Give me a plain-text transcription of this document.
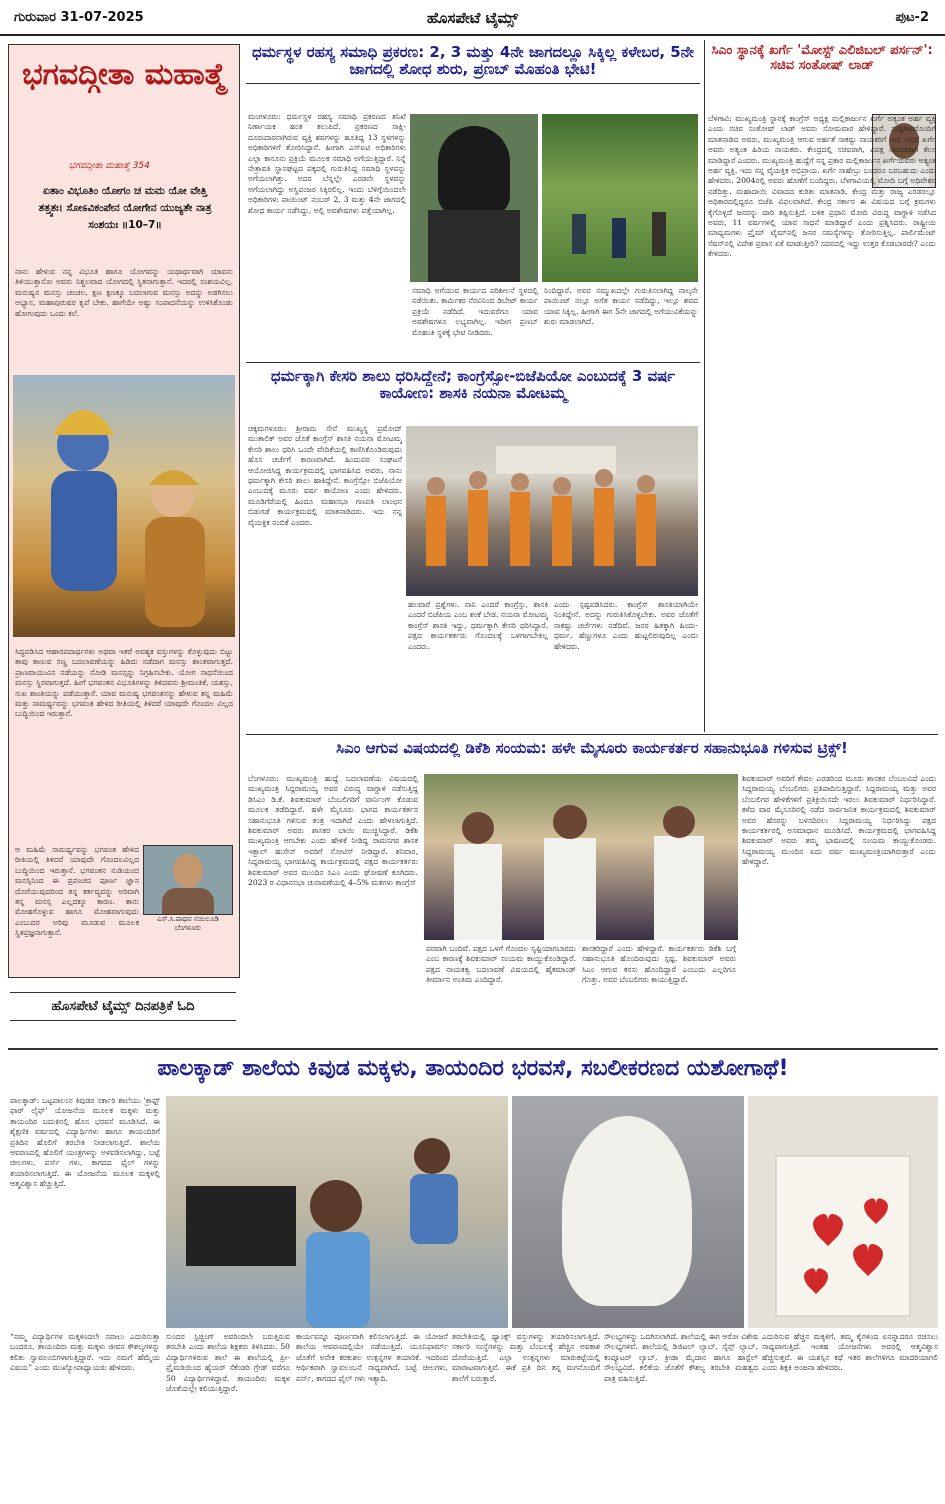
ಗುರುವಾರ 31-07-2025	ಹೊಸಪೇಟೆ ಟೈಮ್ಸ್	ಪುಟ-2
ಭಗವದ್ಗೀತಾ ಮಹಾತ್ಮೆ
ಭಗವದ್ಗೀತಾ ಮಹಾತ್ಮೆ 354
ಏತಾಂ ವಿಭೂತಿಂ ಯೋಗಂ ಚ ಮಮ ಯೋ ವೇತ್ತಿ ತತ್ತ್ವತಃ। ಸೋಽವಿಕಂಪೇನ ಯೋಗೇನ ಯುಜ್ಯತೇ ನಾತ್ರ ಸಂಶಯಃ ॥10–7॥
ನಾನು ಹೇಳುವ ನನ್ನ ವಿಭೂತಿ ಹಾಗೂ ಯೋಗವನ್ನು ಯಥಾರ್ಥವಾಗಿ ಯಾವನು ತಿಳಿಯುತ್ತಾನೋ ಅವನು ನಿಶ್ಚಲವಾದ ಯೋಗದಲ್ಲಿ ಸ್ಥಿತನಾಗುತ್ತಾನೆ. ಇದರಲ್ಲಿ ಸಂಶಯವಿಲ್ಲ. ಮನುಷ್ಯನ ಮನಸ್ಸು ಚಂಚಲ, ಕ್ಷಣ ಕ್ಷಣಕ್ಕೂ ಬದಲಾಗುವ ಮನಸ್ಸು ಅದನ್ನು ಅಡಗಿಸಲು ಅಭ್ಯಾಸ, ಮಹಾಪುರುಷರ ಕೃಪೆ ಬೇಕು. ಹಾಗೆಯೇ ಅಷ್ಟು ಸಂಪಾದನೆಯನ್ನು ಉಳಿಸಿಕೊಂಡು ಹೋಗುವುದು ಒಂದು ಕಲೆ.
ಸಿದ್ಧಪಡಿಸಿದ ಆಹಾರಪದಾರ್ಥಗಳು ಅಥವಾ ಇತರೆ ಅವಶ್ಯಕ ವಸ್ತುಗಳನ್ನು ಕೊಳ್ಳುವುದು ಬಿಟ್ಟು ತಾವು ಕಾಣುವ ಸಣ್ಣ ಬದಲಾವಣೆಯನ್ನು ಹಿಡಿದು ನಡೆದಾಗ ಮನಸ್ಸು ಶಾಂತವಾಗುತ್ತದೆ. ಪ್ರಾಣವಾಯುವಿನ ನಡೆಯನ್ನು ನೋಡಿ ಮನಸ್ಸನ್ನು ನಿಗ್ರಹಿಸಬೇಕು. ಯೋಗ ಸಾಧನೆಯಿಂದ ಮನಸ್ಸು ಸ್ಥಿರವಾಗುತ್ತದೆ. ಹೀಗೆ ಭಗವಂತನ ವಿಭೂತಿಗಳನ್ನು ತಿಳಿದವನು ಶ್ರೀಮಂತಿಕೆ, ಯಶಸ್ಸು, ಸುಖ ಶಾಂತಿಯನ್ನು ಪಡೆಯುತ್ತಾನೆ. ಯಾವ ಮನುಷ್ಯ ಭಗವಂತನನ್ನು ಹೇಳುವ ತನ್ನ ಮಹಿಮೆ ಮತ್ತು ಸಾಮರ್ಥ್ಯವನ್ನು ಭಗವಂತ ಹೇಳಿದ ರೀತಿಯಲ್ಲಿ ತಿಳಿದರೆ ಯಾವುದೇ ಗೊಂದಲ ವಿಲ್ಲದ ಬುದ್ಧಿಯಿಂದ ಇರುತ್ತಾನೆ.
ಎಸ್.ಸಿ.ಪಾಥವ ನಯಿಲೂಡಿ ಬೆಂಗಳೂರು
ಆ ಮಹಿಮೆ ಸಾಮರ್ಥ್ಯವನ್ನು ಭಗವಂತ ಹೇಳಿದ ರೀತಿಯಲ್ಲಿ ತಿಳಿದರೆ ಯಾವುದೇ ಗೊಂದಲವಿಲ್ಲದ ಬುದ್ಧಿಯಿಂದ ಇರುತ್ತಾನೆ. ಭಗವಂತನ ನುಡಿಯಂದ ಮನಸ್ಸಿನಿಂದ ಈ ಪ್ರಪಂಚದ ಪೂರ್ಣ ಜ್ಞಾನ ದೊರೆಯುವುದರಿಂದ ತನ್ನ ಕರ್ತವ್ಯವನ್ನು ಅರಿವಾಗಿ ತನ್ನ ಮನಸ್ಸ ಎಲ್ಲದಕ್ಕೂ ಕಾರಣ. ತಾನು ಮೋಹಗೊಳ್ಳುವ ಹಾಗೂ ಮೋಹವಾಗುವುದು ಎಂಬುದರ ಅರಿವು ಮೂಡುವ ಮೂಲಕ ಸ್ಥಿತಪ್ರಜ್ಞನಾಗುತ್ತಾನೆ.
ಹೊಸಪೇಟೆ ಟೈಮ್ಸ್ ದಿನಪತ್ರಿಕೆ ಓದಿ
ಧರ್ಮಸ್ಥಳ ರಹಸ್ಯ ಸಮಾಧಿ ಪ್ರಕರಣ: 2, 3 ಮತ್ತು 4ನೇ ಜಾಗದಲ್ಲೂ ಸಿಕ್ಕಿಲ್ಲ ಕಳೇಬರ, 5ನೇ ಜಾಗದಲ್ಲಿ ಶೋಧ ಶುರು, ಪ್ರಣಬ್ ಮೊಹಂತಿ ಭೇಟಿ!
ಮಂಗಳೂರು: ಧರ್ಮಸ್ಥಳ ರಹಸ್ಯ ಸಮಾಧಿ ಪ್ರಕರಣದ ತನಿಖೆ ನಿರ್ಣಾಯಕ ಹಂತ ತಲುಪಿದೆ. ಪ್ರಕರಣದ ಸಾಕ್ಷಿ-ದೂರುದಾರನಾಗಿರುವ ವ್ಯಕ್ತಿ ಶವಗಳನ್ನು ಹೂತಿದ್ದ 13 ಸ್ಥಳಗಳನ್ನು ಅಧಿಕಾರಿಗಳಿಗೆ ತೋರಿಸಿದ್ದಾನೆ. ಹೀಗಾಗಿ ಎಸ್ಐಟಿ ಅಧಿಕಾರಿಗಳು ಎಲ್ಲಾ ಕಾನೂನು ಪ್ರಕ್ರಿಯೆ ಮೂಲಕ ಸಮಾಧಿ ಅಗೆಯುತ್ತಿದ್ದಾರೆ. ನಿನ್ನೆ ನೇತ್ರಾವತಿ ಸ್ನಾನಘಟ್ಟದ ಪಕ್ಕದಲ್ಲಿ ಗುರುತಿಸಿದ್ದ ಸಮಾಧಿ ಸ್ಥಳವನ್ನು ಅಗೆಯಲಾಗಿತ್ತು. ಅದರ ಬೆನ್ನಲ್ಲೇ ಎರಡನೇ ಸ್ಥಳವನ್ನು ಅಗೆಯಲಾಗಿದ್ದು ಅಸ್ಥಿಪಂಜರ ಸಿಕ್ಕಿರಲಿಲ್ಲ. ಇಂದು ಬೆಳಿಗ್ಗೆಯಿಂದಲೇ ಅಧಿಕಾರಿಗಳು ಪಾಯಿಂಟ್ ನಂಬರ್ 2, 3 ಮತ್ತು 4ನೇ ಜಾಗದಲ್ಲಿ ಶೋಧ ಕಾರ್ಯ ನಡೆಸಿದ್ದು, ಅಲ್ಲಿ ಅವಶೇಷಗಳು ಪತ್ತೆಯಾಗಿಲ್ಲ.
ಸಮಾಧಿ ಅಗೆಯುವ ಕಾರ್ಯದ ಪರಿಶೀಲನೆ ಸ್ಥಳದಲ್ಲಿ ನಡೆಯಿತು. ಕಾರ್ಮಿಕರ ನೆರವಿನಿಂದ ಡಿಬೇಟ್ ಕಾರ್ಯ ಪ್ರಕ್ರಿಯೆ ನಡೆದಿದೆ. ಇದುವರೆಗೂ ಯಾವ ಅವಶೇಷಗಳೂ ಲಭ್ಯವಾಗಿಲ್ಲ. ಇದೀಗ ಪ್ರಣಬ್ ಮೊಹಂತಿ ಸ್ಥಳಕ್ಕೆ ಭೇಟಿ ನೀಡಿದರು.
ನಿಂದಿದ್ದಾರೆ. ಅವರ ಸಮ್ಮುಖದಲ್ಲೇ ಗುರುತಿಸಲಾಗಿದ್ದ ನಾಲ್ಕನೇ ಪಾಯಿಂಟ್ ನಲ್ಲೂ ಅಗೆತ ಕಾರ್ಯ ನಡೆದಿದ್ದು, ಇಲ್ಲೂ ಶವದ ಯಾವ ಸಿಕ್ಕಿಲ್ಲ. ಹೀಗಾಗಿ ಈಗ 5ನೇ ಜಾಗದಲ್ಲಿ ಅಗೆಯುವಿಕೆಯನ್ನು ಶುರು ಮಾಡಲಾಗಿದೆ.
ಧರ್ಮಕ್ಕಾಗಿ ಕೇಸರಿ ಶಾಲು ಧರಿಸಿದ್ದೇನೆ; ಕಾಂಗ್ರೆಸ್ಸೋ-ಬಿಜೆಪಿಯೋ ಎಂಬುದಕ್ಕೆ 3 ವರ್ಷ ಕಾಯೋಣ: ಶಾಸಕಿ ನಯನಾ ಮೋಟಮ್ಮ
ಚಿಕ್ಕಮಗಳೂರು: ಶ್ರೀರಾಮ ಸೇನೆ ಮುಖ್ಯಸ್ಥ ಪ್ರಮೋದ್ ಮುತಾಲಿಕ್ ಅವರ ಜೊತೆ ಕಾಂಗ್ರೆಸ್ ಶಾಸಕಿ ನಯನಾ ಮೋಟಮ್ಮ ಕೇಸರಿ ಶಾಲು ಧರಿಸಿ ಒಂದೇ ವೇದಿಕೆಯಲ್ಲಿ ಕಾಣಿಸಿಕೊಂಡಿರುವುದು ಹೊಸ ಚರ್ಚೆಗೆ ಕಾರಣವಾಗಿದೆ. ಹಿಂದುಪರ ಸಂಘಟನೆ ಆಯೋಜಿಸಿದ್ದ ಕಾರ್ಯಕ್ರಮದಲ್ಲಿ ಭಾಗವಹಿಸಿದ ಅವರು, ನಾನು ಧರ್ಮಕ್ಕಾಗಿ ಕೇಸರಿ ಶಾಲು ಹಾಕಿದ್ದೇನೆ. ಕಾಂಗ್ರೆಸ್ಸೋ ಬಿಜೆಪಿಯೋ ಎಂಬುದಕ್ಕೆ ಮೂರು ವರ್ಷ ಕಾಯೋಣ ಎಂದು ಹೇಳಿದರು. ಮೂಡಿಗೆರೆಯಲ್ಲಿ ಹಿಂದೂ ಮಹಾಸಭಾ ಗಣಪತಿ ಲಾಂಛನ ಬಿಡುಗಡೆ ಕಾರ್ಯಕ್ರಮದಲ್ಲಿ ಮಾತನಾಡಿದರು. ಇದು ನನ್ನ ವೈಯಕ್ತಿಕ ನಂಬಿಕೆ ಎಂದರು.
ಹಲವಾರೆ ಪ್ರಶ್ನೆಗಳು. ನಾನಿ ಎಂದರೆ ಕಾಂಗ್ರೆಸ್ಸು, ಶಾಸಕಿ ಎಂದರೆ ಬಿಜೆಪಿಯ ಎಂಬ ಶಂಕೆ ಬೇಡ. ನಯನಾ ಮೋಟಮ್ಮ ಕಾಂಗ್ರೆಸ್ ಶಾಸಕಿ ಇದ್ದು, ಧರ್ಮಕ್ಕಾಗಿ ಕೇಸರಿ ಧರಿಸಿದ್ದಾರೆ. ಪಕ್ಷದ ಕಾರ್ಯಕರ್ತರು ಗೊಂದಲಕ್ಕೆ ಒಳಗಾಗಬೇಕಿಲ್ಲ ಎಂದರು.
ಎಂದು ಸ್ಪಷ್ಟಪಡಿಸಿದರು. ಕಾಂಗ್ರೆಸ್ ಶಾಸಕಿಯಾಗಿಯೇ ನಿಂತಿದ್ದೇನೆ. ಅದನ್ನು ಗುರುತಿಸಿಕೊಳ್ಳಬೇಕು. ಅವರ ಜೊತೆಗೆ ಸಾಕಷ್ಟು ಚರ್ಚೆಗಳು ನಡೆದಿವೆ. ಜನರ ಹಿತಕ್ಕಾಗಿ ಹಿಂದು-ಧರ್ಮ, ಹೆಣ್ಣುಗಳೂ ಎಂದು ಹುಟ್ಟಲಿರುವುದಿಲ್ಲ ಎಂದು ಹೇಳಿದರು.
ಸಿಎಂ ಸ್ಥಾನಕ್ಕೆ ಖರ್ಗೆ 'ಮೋಸ್ಟ್ ಎಲಿಜಿಬಲ್ ಪರ್ಸನ್': ಸಚಿವ ಸಂತೋಷ್ ಲಾಡ್
ಬೆಳಗಾವಿ: ಮುಖ್ಯಮಂತ್ರಿ ಸ್ಥಾನಕ್ಕೆ ಕಾಂಗ್ರೆಸ್ ಅಧ್ಯಕ್ಷ ಮಲ್ಲಿಕಾರ್ಜುನ ಖರ್ಗೆ ಅತ್ಯಂತ ಅರ್ಹ ವ್ಯಕ್ತಿ ಎಂದು ಸಚಿವ ಸಂತೋಷ್ ಲಾಡ್ ಅವರು ಸೋಮವಾರ ಹೇಳಿದ್ದಾರೆ. ಸುದ್ದಿಗಾರರೊಂದಿಗೆ ಮಾತನಾಡಿದ ಅವರು, ಮುಖ್ಯಮಂತ್ರಿ ಆಗುವ ಅರ್ಹತೆ ಸಾಕಷ್ಟು ನಾಯಕರಿಗೆ ಇದೆ. ಆದರೆ ಖರ್ಗೆ ಅವರು ಅತ್ಯಂತ ಹಿರಿಯ ನಾಯಕರು. ಕೇಂದ್ರದಲ್ಲಿ ಸಚಿವರಾಗಿ, ವಿಪಕ್ಷ ನಾಯಕರಾಗಿ ಕೆಲಸ ಮಾಡಿದ್ದಾರೆ ಎಂದರು. ಮುಖ್ಯಮಂತ್ರಿ ಹುದ್ದೆಗೆ ನನ್ನ ಪ್ರಕಾರ ಮಲ್ಲಿಕಾರ್ಜುನ ಖರ್ಗೆಯವರು ಅತ್ಯಂತ ಅರ್ಹ ವ್ಯಕ್ತಿ. ಇದು ನನ್ನ ವೈಯಕ್ತಿಕ ಅಭಿಪ್ರಾಯ. ಖರ್ಗೆ ಸಾಹೇಬ್ರು ಬಂದರೂ ಬರಬಹುದು ಎಂದು ಹೇಳಿದರು. 2004ರಲ್ಲಿ ಅವರು ಹೊಣೆಗೆ ಬಂದಿದ್ದರು. ಬೆಳಗಾವಿಯಲ್ಲಿ ಮೋದಿ ಬಗ್ಗೆ ಅಧಿವೇಶನ ನಡೆದಿತ್ತು. ಮಹಾದಾಯಿ ವಿವಾದದ ಕುರಿತು ಮಾತನಾಡಿ, ಕೇಂದ್ರ ಮತ್ತು ರಾಜ್ಯ ಎರಡರಲ್ಲೂ ಅಧಿಕಾರದಲ್ಲಿದ್ದರೂ ಬಿಜೆಪಿ ವಿಫಲವಾಗಿದೆ. ಕೇಂದ್ರ ಸರ್ಕಾರ ಈ ವಿಷಯದ ಬಗ್ಗೆ ಕ್ರಮಗಳು ಕೈಗೊಳ್ಳದೆ ಜನರನ್ನು ದಾರಿ ತಪ್ಪಿಸುತ್ತಿದೆ. ಬಳಿಕ ಪ್ರಧಾನಿ ಮೋದಿ ವಿರುದ್ಧ ವಾಗ್ದಾಳಿ ನಡೆಸಿದ ಅವರು, 11 ವರ್ಷಗಳಲ್ಲಿ ಯಾವ ಸಾಧನೆ ಮಾಡಿದ್ದಾರೆ ಎಂದು ಪ್ರಶ್ನಿಸಿದರು. ರಾಷ್ಟ್ರೀಯ ಮಾಧ್ಯಮಗಳು ಪ್ರೈಮ್ ಟೈಮ್‌ನಲ್ಲಿ ಜನರ ಸಮಸ್ಯೆಗಳನ್ನು ತೋರಿಸುತ್ತಿಲ್ಲ. ಪಾರ್ಲಿಮೆಂಟ್ ಸೆಷನ್‌ನಲ್ಲಿ ವಿದೇಶ ಪ್ರವಾಸ ಏಕೆ ಮಾಡುತ್ತೀರಿ? ಸದನದಲ್ಲಿ ಇದ್ದು ಉತ್ತರ ಕೊಡಬಾರದೇ? ಎಂದು ಕೇಳಿದರು.
ಸಿಎಂ ಆಗುವ ವಿಷಯದಲ್ಲಿ ಡಿಕೆಶಿ ಸಂಯಮ: ಹಳೇ ಮೈಸೂರು ಕಾರ್ಯಕರ್ತರ ಸಹಾನುಭೂತಿ ಗಳಿಸುವ ಟ್ರಿಕ್ಸ್!
ಬೆಂಗಳೂರು: ಮುಖ್ಯಮಂತ್ರಿ ಹುದ್ದೆ ಬದಲಾವಣೆಯ ವಿಷಯದಲ್ಲಿ ಮುಖ್ಯಮಂತ್ರಿ ಸಿದ್ದರಾಮಯ್ಯ ಅವರ ವಿರುದ್ಧ ವಾಗ್ದಾಳಿ ನಡೆಸುತ್ತಿದ್ದ ಡಿಸಿಎಂ ಡಿ.ಕೆ. ಶಿವಕುಮಾರ್ ಬೆಂಬಲಿಗರಿಗೆ ವಾರ್ನಿಂಗ್ ಕೊಡುವ ಮೂಲಕ ತಡೆದಿದ್ದಾರೆ. ಹಳೇ ಮೈಸೂರು ಭಾಗದ ಕಾರ್ಯಕರ್ತರ ಸಹಾನುಭೂತಿ ಗಳಿಸುವ ತಂತ್ರ ಇದಾಗಿದೆ ಎಂದು ಹೇಳಲಾಗುತ್ತಿದೆ. ಶಿವಕುಮಾರ್ ಅವರು ಶಾಸಕರ ಬಾಯಿ ಮುಚ್ಚಿಸಿದ್ದಾರೆ. ಡಿಕೆಶಿ ಮುಖ್ಯಮಂತ್ರಿ ಆಗಬೇಕು ಎಂದು ಹೇಳಿಕೆ ನೀಡಿದ್ದ ರಾಮನಗರ ಶಾಸಕ ಇಕ್ಬಾಲ್ ಹುಸೇನ್ ಅವರಿಗೆ ನೋಟಿಸ್ ನೀಡಿದ್ದಾರೆ. ಶನಿವಾರ, ಸಿದ್ದರಾಮಯ್ಯ ಭಾಗವಹಿಸಿದ್ದ ಕಾರ್ಯಕ್ರಮದಲ್ಲಿ ಪಕ್ಷದ ಕಾರ್ಯಕರ್ತರು ಶಿವಕುಮಾರ್ ಅವರ ಮುಂದಿನ ಸಿಎಂ ಎಂದು ಘೋಷಣೆ ಕೂಗಿದರು. 2023 ರ ವಿಧಾನಸಭಾ ಚುನಾವಣೆಯಲ್ಲಿ 4–5% ಮತಗಳು ಕಾಂಗ್ರೆಸ್
ಪರವಾಗಿ ಬಂದಿವೆ. ಪಕ್ಷದ ಒಳಗೆ ಗೊಂದಲ ಸೃಷ್ಟಿಯಾಗಬಾರದು ಎಂಬ ಕಾರಣಕ್ಕೆ ಶಿವಕುಮಾರ್ ಸಂಯಮ ಕಾಯ್ದುಕೊಂಡಿದ್ದಾರೆ. ಪಕ್ಷದ ನಾಯಕತ್ವ ಬದಲಾವಣೆ ವಿಷಯದಲ್ಲಿ ಹೈಕಮಾಂಡ್ ತೀರ್ಮಾನ ಅಂತಿಮ ಎಂದಿದ್ದಾರೆ.
ಶಾಸಕರಿದ್ದಾರೆ ಎಂದು ಹೇಳಿದ್ದಾರೆ. ಕಾರ್ಯಕರ್ತರು ಡಿಕೆಶಿ ಬಗ್ಗೆ ಸಹಾನುಭೂತಿ ಹೊಂದಿರುವುದು ಸ್ಪಷ್ಟ. ಶಿವಕುಮಾರ್ ಅವರು ಸಿಎಂ ಆಗುವ ಕನಸು ಹೊಂದಿದ್ದಾರೆ ಎಂಬುದು ಎಲ್ಲರಿಗೂ ಗೊತ್ತು. ಅವರ ಬೆಂಬಲಿಗರು ಕಾಯುತ್ತಿದ್ದಾರೆ.
ಶಿವಕುಮಾರ್ ಅವರಿಗೆ ಕೇವಲ ಎರಡರಿಂದ ಮೂರು ಶಾಸಕರ ಬೆಂಬಲವಿದೆ ಎಂದು ಸಿದ್ದರಾಮಯ್ಯ ಬೆಂಬಲಿಗರು ಪ್ರತಿಪಾದಿಸುತ್ತಿದ್ದಾರೆ. ಸಿದ್ದರಾಮಯ್ಯ ಮತ್ತು ಅವರ ಬೆಂಬಲಿಗರ ಹೇಳಿಕೆಗಳಿಗೆ ಪ್ರತಿಕ್ರಿಯಿಸದೇ ಇರಲು ಶಿವಕುಮಾರ್ ನಿರ್ಧರಿಸಿದ್ದಾರೆ. ಕಳೆದ ವಾರ ಮೈಸೂರಿನಲ್ಲಿ ನಡೆದ ಸಾರ್ವಜನಿಕ ಕಾರ್ಯಕ್ರಮದಲ್ಲಿ ಶಿವಕುಮಾರ್ ಅವರ ಹೆಸರನ್ನು ಬಳಸದಿರಲು ಸಿದ್ದರಾಮಯ್ಯ ನಿರ್ಧರಿಸಿದ್ದು ಪಕ್ಷದ ಕಾರ್ಯಕರ್ತರಲ್ಲಿ ಅಸಮಾಧಾನ ಮೂಡಿಸಿದೆ. ಕಾರ್ಯಕ್ರಮದಲ್ಲಿ ಭಾಗವಹಿಸಿದ್ದ ಶಿವಕುಮಾರ್ ಅವರು ತಮ್ಮ ಭಾಷಣದಲ್ಲಿ ಸಂಯಮ ಕಾಯ್ದುಕೊಂಡರು. ಸಿದ್ದರಾಮಯ್ಯ ಮುಂದಿನ ಐದು ವರ್ಷ ಮುಖ್ಯಮಂತ್ರಿಯಾಗಿರುತ್ತಾರೆ ಎಂದು ಹೇಳಿದ್ದಾರೆ.
ಪಾಲಕ್ಕಾಡ್ ಶಾಲೆಯ ಕಿವುಡ ಮಕ್ಕಳು, ತಾಯಂದಿರ ಭರವಸೆ, ಸಬಲೀಕರಣದ ಯಶೋಗಾಥೆ!
ಪಾಲಕ್ಕಾಡ್: ಒಟ್ಟಪಾಲಂನ ಕಿವುಡರ ಸರ್ಕಾರಿ ಶಾಲೆಯು 'ಕ್ರಾಫ್ಟ್ ಫಾರ್ ಲೈಫ್' ಯೋಜನೆಯ ಮೂಲಕ ಮಕ್ಕಳು ಮತ್ತು ತಾಯಂದಿರ ಬದುಕಿನಲ್ಲಿ ಹೊಸ ಭರವಸೆ ಮೂಡಿಸಿದೆ. ಈ ಶೈಕ್ಷಣಿಕ ವರ್ಷದಲ್ಲಿ ವಿದ್ಯಾರ್ಥಿಗಳು ಹಾಗೂ ತಾಯಂದಿರಿಗೆ ಪ್ರತಿದಿನ ಹೊಲಿಗೆ ತರಬೇತಿ ನೀಡಲಾಗುತ್ತಿದೆ. ಶಾಲೆಯ ಆವರಣದಲ್ಲಿ ಹೊಲಿಗೆ ಯಂತ್ರಗಳನ್ನು ಅಳವಡಿಸಲಾಗಿದ್ದು, ಬಟ್ಟೆ ಚೀಲಗಳು, ಪರ್ಸ್ ಗಳು, ಕಾಗದದ ಫೈಲ್ ಗಳನ್ನು ತಯಾರಿಸಲಾಗುತ್ತಿದೆ. ಈ ಯೋಜನೆಯ ಮೂಲಕ ಮಕ್ಕಳಲ್ಲಿ ಆತ್ಮವಿಶ್ವಾಸ ಹೆಚ್ಚುತ್ತಿದೆ.
“ನಮ್ಮ ವಿದ್ಯಾರ್ಥಿಗಳ ಮಕ್ಕಳಿಂದಲೇ ಸವಾಲು ಎದುರಿಸುತ್ತಾ ಬಂದರೂ, ತಾಯಂದಿರು ಮತ್ತು ಮಕ್ಕಳು ಜೀವನ ಕೌಶಲ್ಯಗಳನ್ನು ಕಲಿತು ಸ್ವಾವಲಂಬಿಗಳಾಗುತ್ತಿದ್ದಾರೆ. ಇದು ನಮಗೆ ಹೆಮ್ಮೆಯ ವಿಷಯ” ಎಂದು ಮುಖ್ಯೋಪಾಧ್ಯಾಯರು ಹೇಳಿದರು.
ಸುಂದರ ಸ್ಟಿಚ್ಚಿಂಗ್ ಅವರಿಂದಲೇ ಬರುತ್ತಿರುವ ತರಬೇತಿ ಎಂದು ಶಾಲೆಯ ಶಿಕ್ಷಕರು ತಿಳಿಸಿದರು. 50 ವಿದ್ಯಾರ್ಥಿಗಳಿರುವ ಶಾಲೆ ಈ ಶಾಲೆಯಲ್ಲಿ ಪ್ರೀ-ಪ್ರೈಮರಿಯಿಂದ ಹೈಯರ್ ಸೆಕೆಂಡರಿ ಗ್ರೇಡ್ ವರೆಗೂ 50 ವಿದ್ಯಾರ್ಥಿಗಳಿದ್ದಾರೆ. ತಾಯಂದಿರು ಮಕ್ಕಳ ಜೊತೆಯಲ್ಲೇ ಕಲಿಯುತ್ತಿದ್ದಾರೆ.
ಕಾರ್ಯವನ್ನೂ ಪೂರ್ಣವಾಗಿ ಕಲಿಸಲಾಗುತ್ತಿದೆ. ಈ ಯೋಜನೆ ಶಾಲೆಯ ಆವರಣದಲ್ಲಿಯೇ ನಡೆಯುತ್ತಿದೆ. ಯೂನಿಫಾರ್ಮ್ ಜೊತೆಗೆ ಅನೇಕ ಕರಕುಶಲ ಉತ್ಪನ್ನಗಳ ತಯಾರಿಕೆ. ಇದರಿಂದ ಆರ್ಥಿಕವಾಗಿ ಸ್ವಾವಲಂಬನೆ ಸಾಧ್ಯವಾಗಿದೆ. ಬಟ್ಟೆ ಚೀಲಗಳು, ಪರ್ಸ್, ಕಾಗದದ ಫೈಲ್ ಗಳು ಇತ್ಯಾದಿ.
ತರಬೇತಿಯಲ್ಲಿ ಥ್ಯಾಂಕ್ಸ್ ವಸ್ತುಗಳನ್ನು ತಯಾರಿಸಲಾಗುತ್ತಿದೆ. ಸರ್ಕಾರಿ ಸಂಸ್ಥೆಗಳನ್ನು ಮತ್ತು ಬೆಂಬಲಕ್ಕೆ ಹೆಚ್ಚಿನ ಅವಕಾಶ ದೊರೆಯುತ್ತಿದೆ. ಎಲ್ಲಾ ಉತ್ಪನ್ನಗಳು ಮಾರುಕಟ್ಟೆಯಲ್ಲಿ ಮಾರಾಟವಾಗುತ್ತಿವೆ. ಈಕೆ ಪ್ರತಿ ದಿನ ತನ್ನ ಮಗನೊಂದಿಗೆ ಶಾಲೆಗೆ ಬರುತ್ತಾರೆ.
ಸೌಲಭ್ಯಗಳನ್ನು ಒದಗಿಸಲಾಗಿದೆ. ಶಾಲೆಯಲ್ಲಿ ಈಗ ಆರೋ ವಿಶೇಷ ಸೌಲಭ್ಯಗಳಿವೆ. ಶಾಲೆಯಲ್ಲಿ ಡಿಜಿಟಲ್ ಲ್ಯಾಬ್, ಸೈನ್ಸ್ ಲ್ಯಾಬ್, ಕಂಪ್ಯೂಟರ್ ಲ್ಯಾಬ್, ಕ್ರೀಡಾ ಮೈದಾನ ಹಾಗೂ ಹಾಸ್ಟೆಲ್ ಸೌಲಭ್ಯವಿದೆ. ಕಲಿಕೆಯ ಜೊತೆಗೆ ಕೌಶಲ್ಯ ತರಬೇತಿ ಮಹತ್ವದ ಪಾತ್ರ ವಹಿಸುತ್ತಿದೆ.
ಎದುರಿಸುವ ಹೆಚ್ಚಿನ ಮಕ್ಕಳಿಗೆ, ತಮ್ಮ ಕೈಗಳಿಂದ ಏನನ್ನಾದರೂ ರಚಿಸಲು ಸಾಧ್ಯವಾಗುತ್ತಿದೆ. ಇಂತಹ ಯೋಜನೆಗಳು ಅವರಲ್ಲಿ ಆತ್ಮವಿಶ್ವಾಸ ಹೆಚ್ಚಿಸುತ್ತವೆ. ಈ ಯಶಸ್ಸಿನ ಕಥೆ ಇತರ ಶಾಲೆಗಳಿಗೂ ಮಾದರಿಯಾಗಲಿ ಎಂದು ಶಿಕ್ಷಕಿ ಅಂಜನಾ ಹೇಳಿದರು.
